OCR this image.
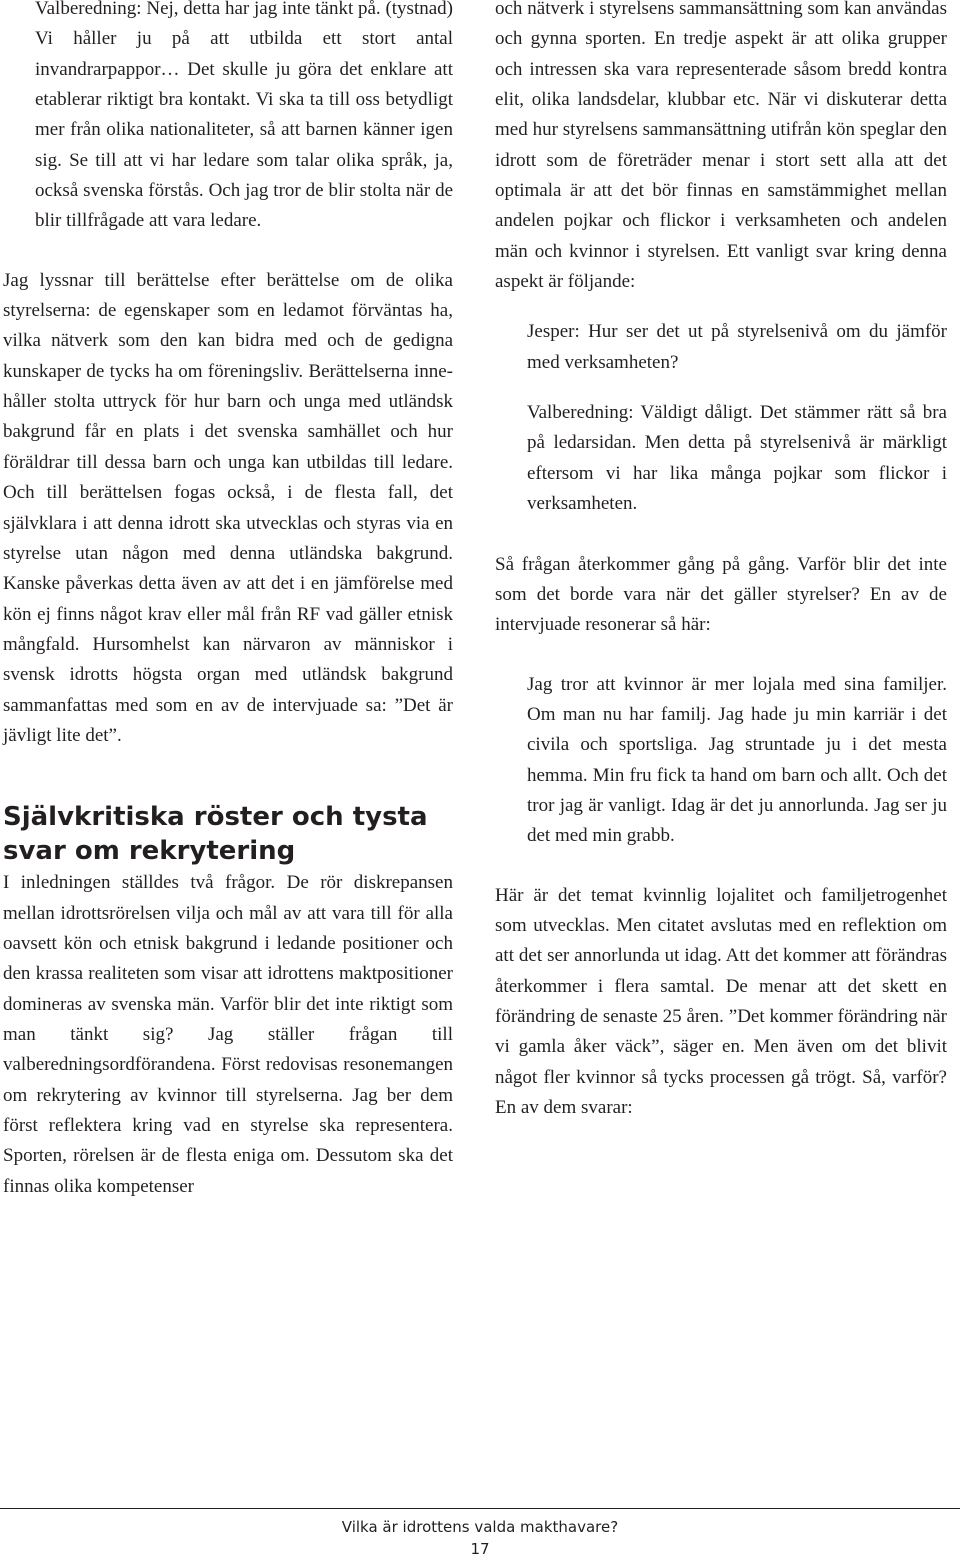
Valberedning: Nej, detta har jag inte tänkt på. (tystnad) Vi håller ju på att utbilda ett stort antal invandrarpappor… Det skulle ju göra det enklare att etablerar riktigt bra kontakt. Vi ska ta till oss betydligt mer från olika nationaliteter, så att barnen känner igen sig. Se till att vi har ledare som talar olika språk, ja, också svenska förstås. Och jag tror de blir stolta när de blir tillfrågade att vara ledare.

Jag lyssnar till berättelse efter berättelse om de olika styrelserna: de egenskaper som en ledamot förväntas ha, vilka nätverk som den kan bidra med och de gedigna kunskaper de tycks ha om föreningsliv. Berättelserna innehåller stolta uttryck för hur barn och unga med utländsk bakgrund får en plats i det svenska samhället och hur föräldrar till dessa barn och unga kan utbildas till ledare. Och till berättelsen fogas också, i de flesta fall, det självklara i att denna idrott ska utvecklas och styras via en styrelse utan någon med denna utländska bakgrund. Kanske påverkas detta även av att det i en jämförelse med kön ej finns något krav eller mål från RF vad gäller etnisk mångfald. Hursomhelst kan närvaron av människor i svensk idrotts högsta organ med utländsk bakgrund sammanfattas med som en av de intervjuade sa: ”Det är jävligt lite det”.

Självkritiska röster och tysta svar om rekrytering

I inledningen ställdes två frågor. De rör diskrepansen mellan idrottsrörelsen vilja och mål av att vara till för alla oavsett kön och etnisk bakgrund i ledande positioner och den krassa realiteten som visar att idrottens maktpositioner domineras av svenska män. Varför blir det inte riktigt som man tänkt sig? Jag ställer frågan till valberedningsordförandena. Först redovisas resonemangen om rekrytering av kvinnor till styrelserna. Jag ber dem först reflektera kring vad en styrelse ska representera. Sporten, rörelsen är de flesta eniga om. Dessutom ska det finnas olika kompetenser

och nätverk i styrelsens sammansättning som kan användas och gynna sporten. En tredje aspekt är att olika grupper och intressen ska vara representerade såsom bredd kontra elit, olika landsdelar, klubbar etc. När vi diskuterar detta med hur styrelsens sammansättning utifrån kön speglar den idrott som de företräder menar i stort sett alla att det optimala är att det bör finnas en samstämmighet mellan andelen pojkar och flickor i verksamheten och andelen män och kvinnor i styrelsen. Ett vanligt svar kring denna aspekt är följande:

Jesper: Hur ser det ut på styrelsenivå om du jämför med verksamheten?

Valberedning: Väldigt dåligt. Det stämmer rätt så bra på ledarsidan. Men detta på styrelsenivå är märkligt eftersom vi har lika många pojkar som flickor i verksamheten.

Så frågan återkommer gång på gång. Varför blir det inte som det borde vara när det gäller styrelser? En av de intervjuade resonerar så här:

Jag tror att kvinnor är mer lojala med sina familjer. Om man nu har familj. Jag hade ju min karriär i det civila och sportsliga. Jag struntade ju i det mesta hemma. Min fru fick ta hand om barn och allt. Och det tror jag är vanligt. Idag är det ju annorlunda. Jag ser ju det med min grabb.

Här är det temat kvinnlig lojalitet och familjetrogenhet som utvecklas. Men citatet avslutas med en reflektion om att det ser annorlunda ut idag. Att det kommer att förändras återkommer i flera samtal. De menar att det skett en förändring de senaste 25 åren. ”Det kommer förändring när vi gamla åker väck”, säger en. Men även om det blivit något fler kvinnor så tycks processen gå trögt. Så, varför? En av dem svarar:

Vilka är idrottens valda makthavare?
17
